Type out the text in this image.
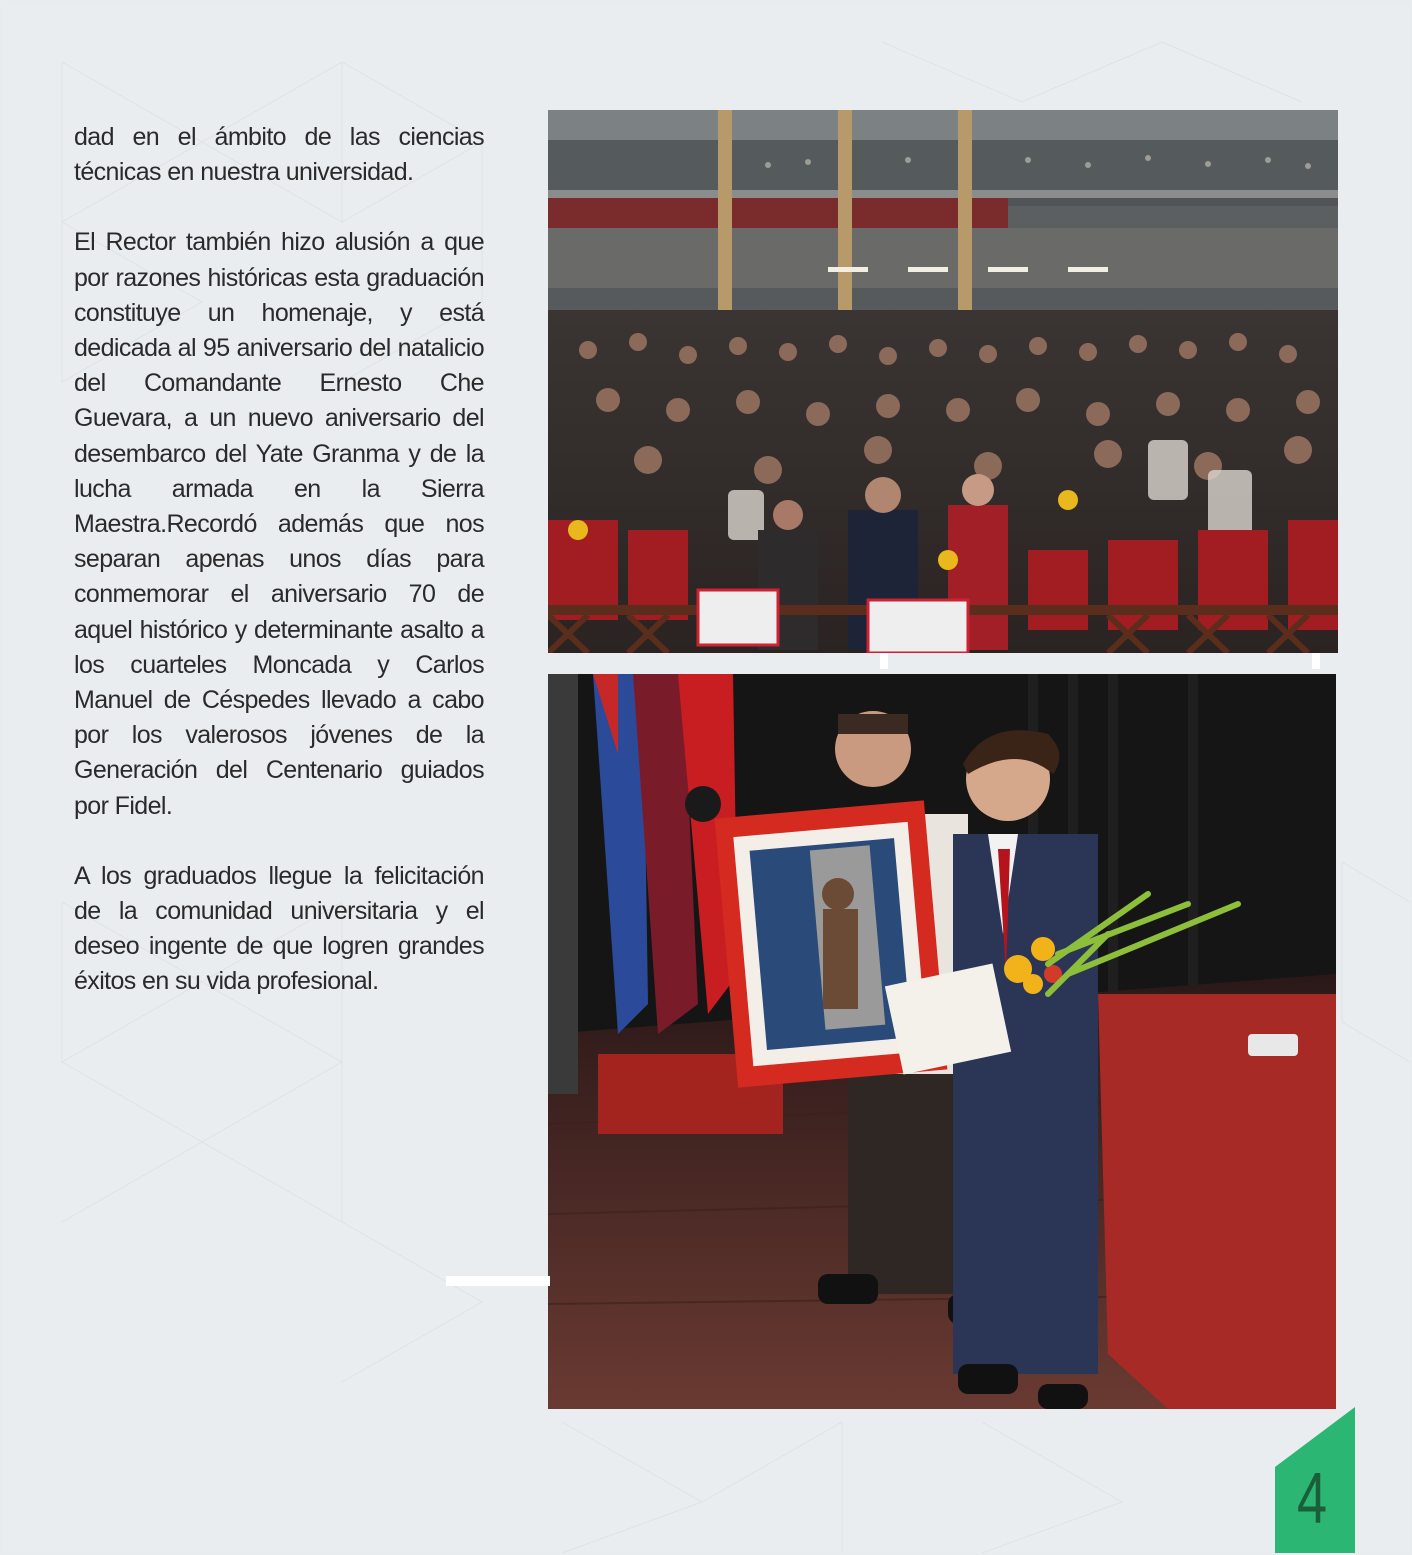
dad en el ámbito de las ciencias técnicas en nuestra universidad.

El Rector también hizo alusión a que por razones históricas esta graduación constituye un homenaje, y está dedicada al 95 aniversario del natalicio del Comandante Ernesto Che Guevara, a un nuevo aniversario del desembarco del Yate Granma y de la lucha armada en la Sierra Maestra.Recordó además que nos separan apenas unos días para conmemorar el aniversario 70 de aquel histórico y determinante asalto a los cuarteles Moncada y Carlos Manuel de Céspedes llevado a cabo por los valerosos jóvenes de la Generación del Centenario guiados por Fidel.

A los graduados llegue la felicitación de la comunidad universitaria y el deseo ingente de que logren grandes éxitos en su vida profesional.

4
